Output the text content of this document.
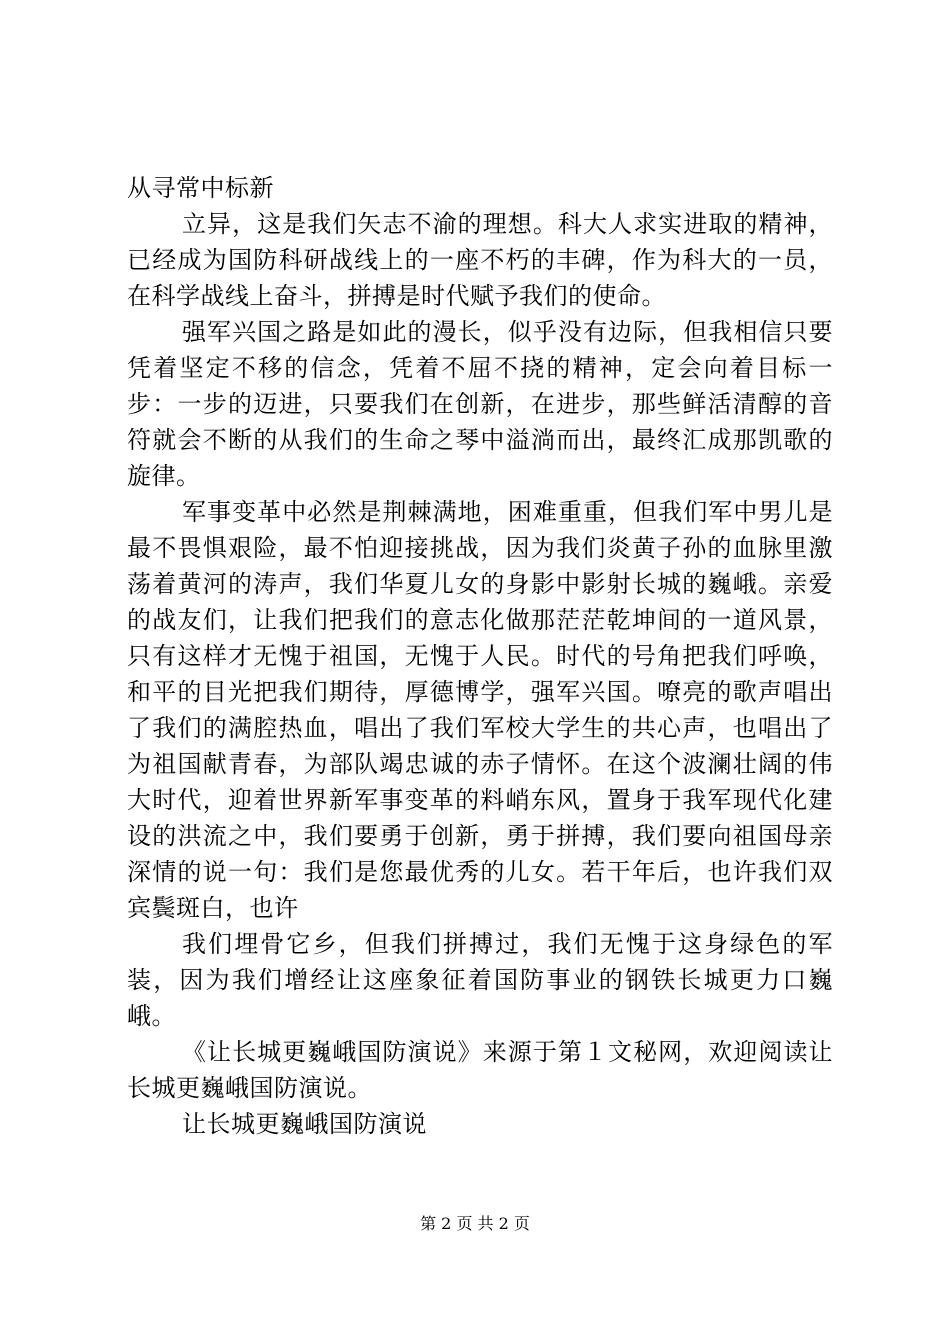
从寻常中标新

立异，这是我们矢志不渝的理想。科大人求实进取的精神，已经成为国防科研战线上的一座不朽的丰碑，作为科大的一员，在科学战线上奋斗，拼搏是时代赋予我们的使命。

强军兴国之路是如此的漫长，似乎没有边际，但我相信只要凭着坚定不移的信念，凭着不屈不挠的精神，定会向着目标一步：一步的迈进，只要我们在创新，在进步，那些鲜活清醇的音符就会不断的从我们的生命之琴中溢淌而出，最终汇成那凯歌的旋律。

军事变革中必然是荆棘满地，困难重重，但我们军中男儿是最不畏惧艰险，最不怕迎接挑战，因为我们炎黄子孙的血脉里激荡着黄河的涛声，我们华夏儿女的身影中影射长城的巍峨。亲爱的战友们，让我们把我们的意志化做那茫茫乾坤间的一道风景，只有这样才无愧于祖国，无愧于人民。时代的号角把我们呼唤，和平的目光把我们期待，厚德博学，强军兴国。嘹亮的歌声唱出了我们的满腔热血，唱出了我们军校大学生的共心声，也唱出了为祖国献青春，为部队竭忠诚的赤子情怀。在这个波澜壮阔的伟大时代，迎着世界新军事变革的料峭东风，置身于我军现代化建设的洪流之中，我们要勇于创新，勇于拼搏，我们要向祖国母亲深情的说一句：我们是您最优秀的儿女。若干年后，也许我们双宾鬓斑白，也许

我们埋骨它乡，但我们拼搏过，我们无愧于这身绿色的军装，因为我们增经让这座象征着国防事业的钢铁长城更力口巍峨。

《让长城更巍峨国防演说》来源于第１文秘网，欢迎阅读让长城更巍峨国防演说。

让长城更巍峨国防演说

第 2 页 共 2 页
